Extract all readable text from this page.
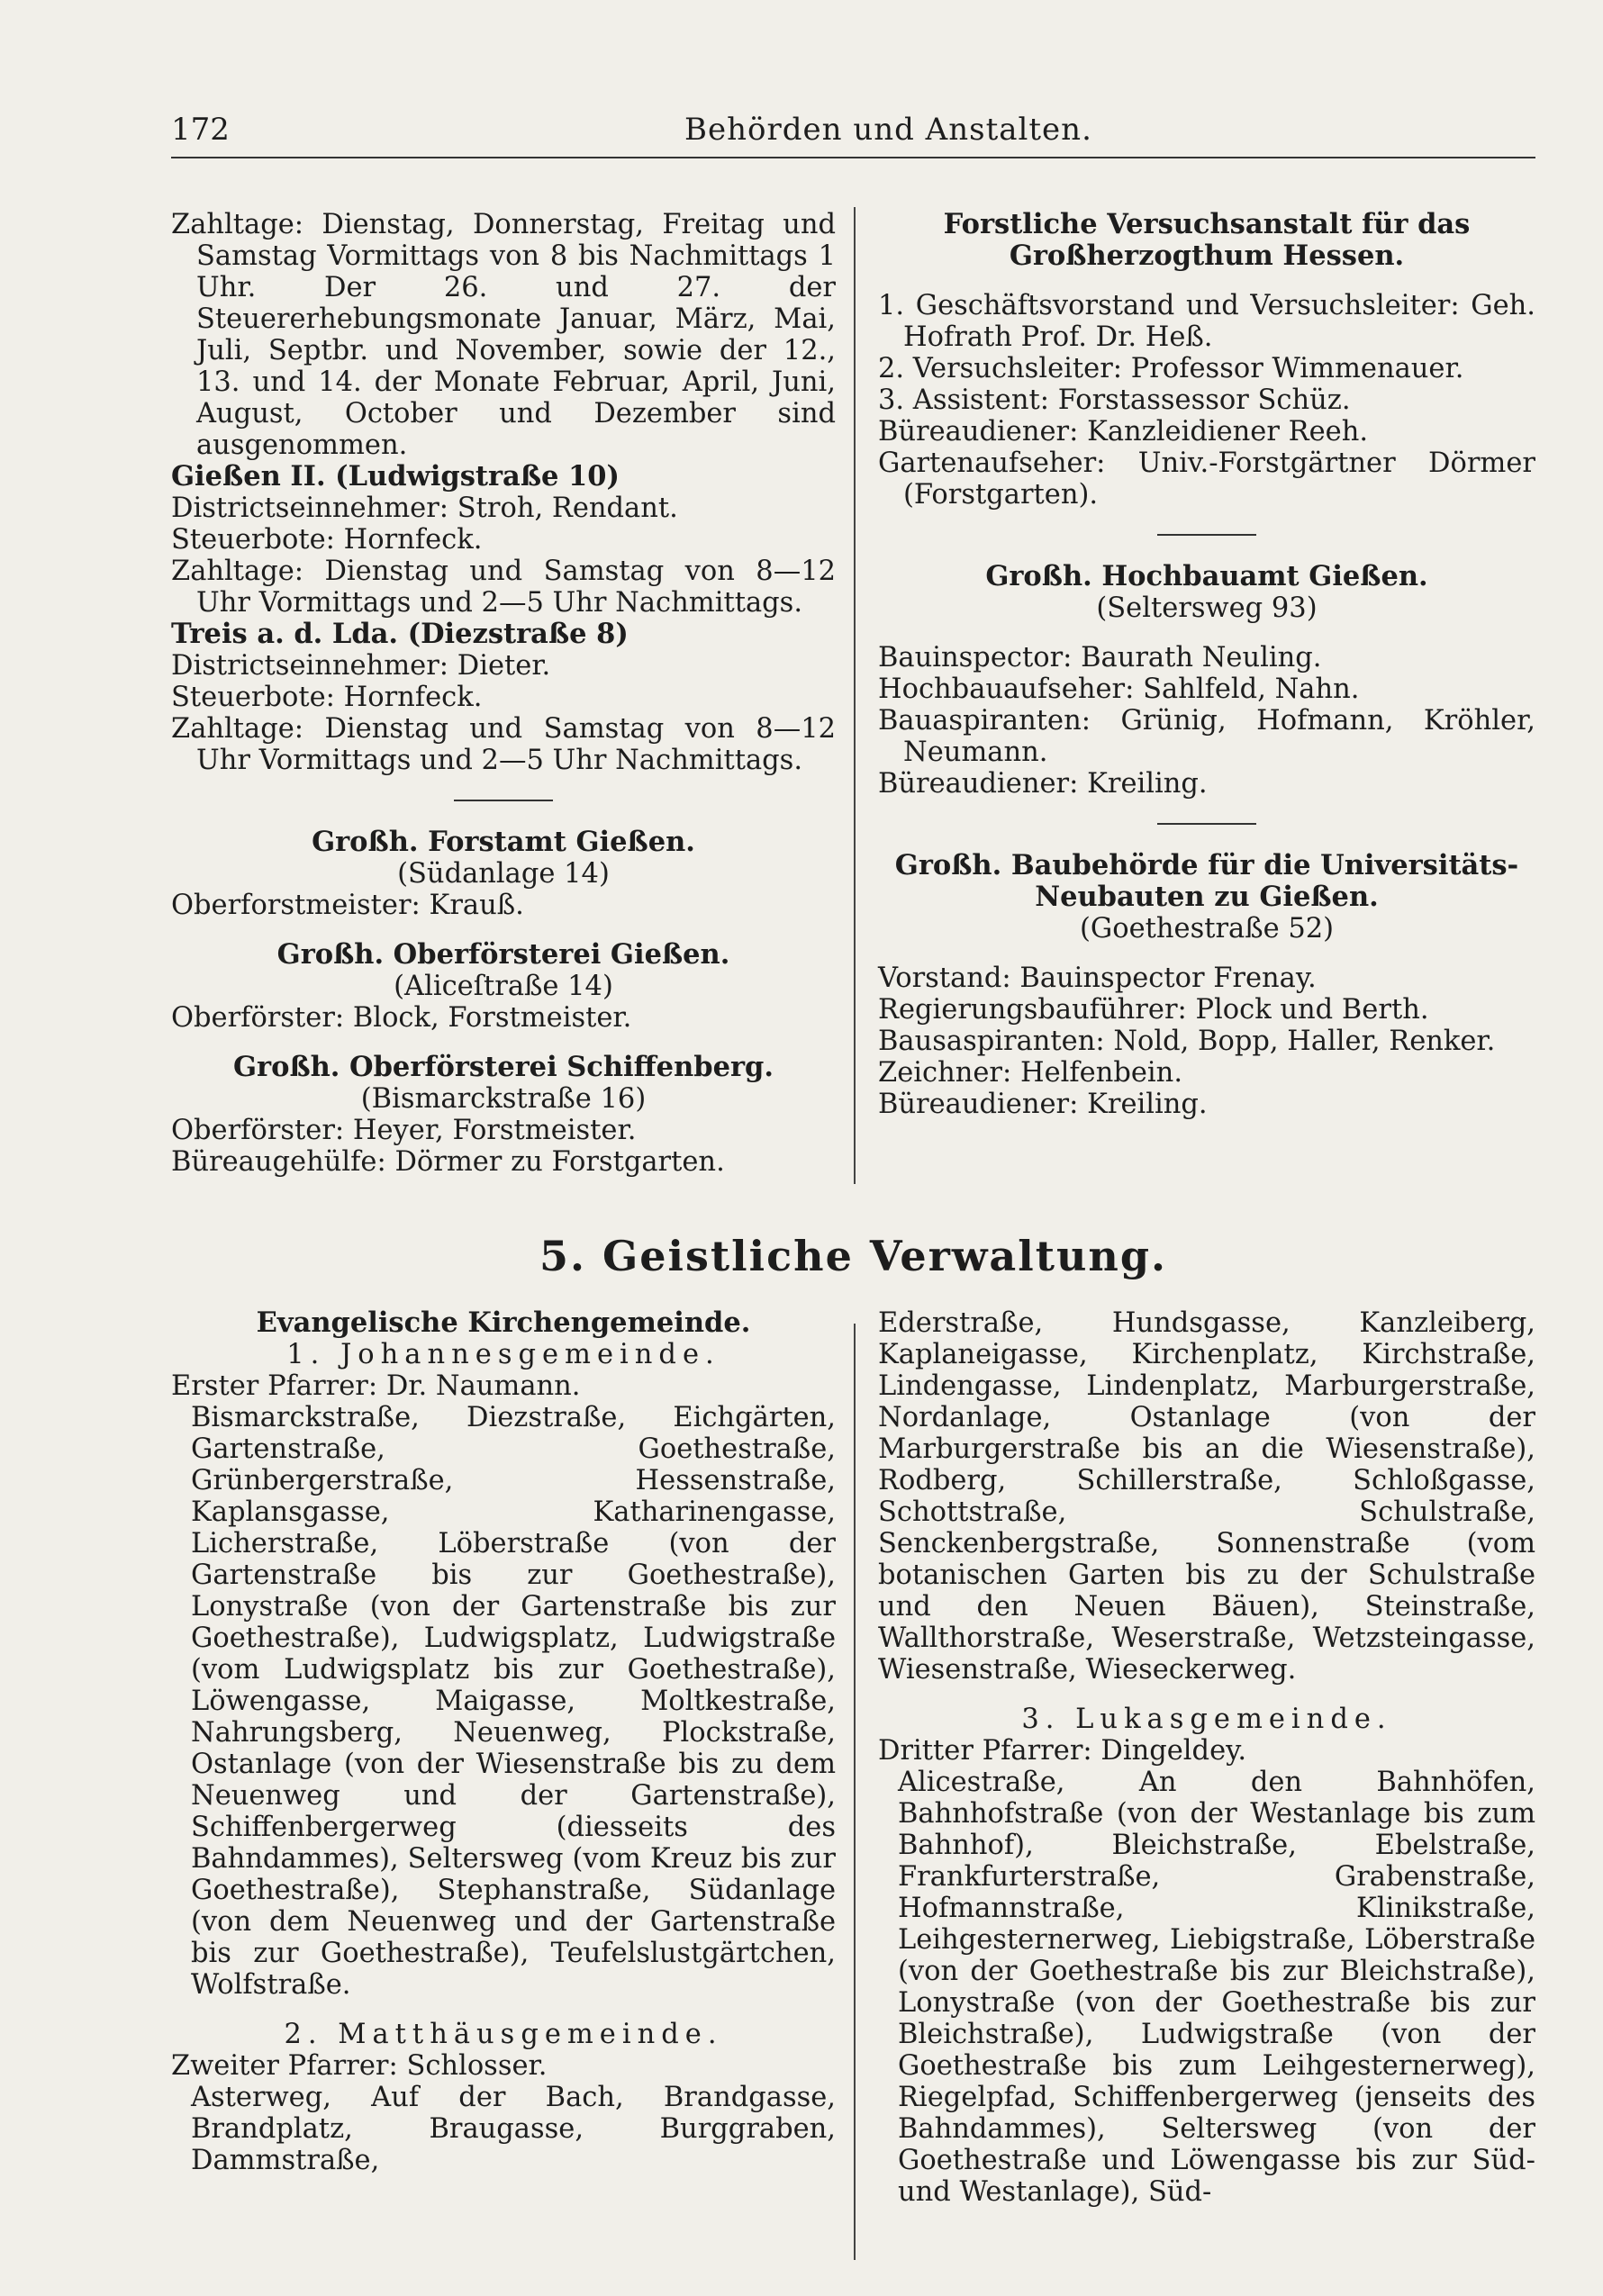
172	Behörden und Anstalten.

Zahltage: Dienstag, Donnerstag, Freitag und Samstag Vormittags von 8 bis Nachmittags 1 Uhr. Der 26. und 27. der Steuererhebungsmonate Januar, März, Mai, Juli, Septbr. und November, sowie der 12., 13. und 14. der Monate Februar, April, Juni, August, October und Dezember sind ausgenommen.

Gießen II. (Ludwigstraße 10)

Districtseinnehmer: Stroh, Rendant.

Steuerbote: Hornfeck.

Zahltage: Dienstag und Samstag von 8—12 Uhr Vormittags und 2—5 Uhr Nachmittags.

Treis a. d. Lda. (Diezstraße 8)

Districtseinnehmer: Dieter.

Steuerbote: Hornfeck.

Zahltage: Dienstag und Samstag von 8—12 Uhr Vormittags und 2—5 Uhr Nachmittags.

Großh. Forstamt Gießen.

(Südanlage 14)

Oberforstmeister: Krauß.

Großh. Oberförsterei Gießen.

(Aliceſtraße 14)

Oberförster: Block, Forstmeister.

Großh. Oberförsterei Schiffenberg.

(Bismarckstraße 16)

Oberförster: Heyer, Forstmeister.

Büreaugehülfe: Dörmer zu Forstgarten.

Forstliche Versuchsanstalt für das Großherzogthum Hessen.

1. Geschäftsvorstand und Versuchsleiter: Geh. Hofrath Prof. Dr. Heß.

2. Versuchsleiter: Professor Wimmenauer.

3. Assistent: Forstassessor Schüz.

Büreaudiener: Kanzleidiener Reeh.

Gartenaufseher: Univ.-Forstgärtner Dörmer (Forstgarten).

Großh. Hochbauamt Gießen.

(Seltersweg 93)

Bauinspector: Baurath Neuling.

Hochbauaufseher: Sahlfeld, Nahn.

Bauaspiranten: Grünig, Hofmann, Kröhler, Neumann.

Büreaudiener: Kreiling.

Großh. Baubehörde für die Universitäts-Neubauten zu Gießen.

(Goethestraße 52)

Vorstand: Bauinspector Frenay.

Regierungsbauführer: Plock und Berth.

Bausaspiranten: Nold, Bopp, Haller, Renker.

Zeichner: Helfenbein.

Büreaudiener: Kreiling.

5. Geistliche Verwaltung.

Evangelische Kirchengemeinde.

1. Johannesgemeinde.

Erster Pfarrer: Dr. Naumann.

Bismarckstraße, Diezstraße, Eichgärten, Gartenstraße, Goethestraße, Grünbergerstraße, Hessenstraße, Kaplansgasse, Katharinengasse, Licherstraße, Löberstraße (von der Gartenstraße bis zur Goethestraße), Lonystraße (von der Gartenstraße bis zur Goethestraße), Ludwigsplatz, Ludwigstraße (vom Ludwigsplatz bis zur Goethestraße), Löwengasse, Maigasse, Moltkestraße, Nahrungsberg, Neuenweg, Plockstraße, Ostanlage (von der Wiesenstraße bis zu dem Neuenweg und der Gartenstraße), Schiffenbergerweg (diesseits des Bahndammes), Seltersweg (vom Kreuz bis zur Goethestraße), Stephanstraße, Südanlage (von dem Neuenweg und der Gartenstraße bis zur Goethestraße), Teufelslustgärtchen, Wolfstraße.

2. Matthäusgemeinde.

Zweiter Pfarrer: Schlosser.

Asterweg, Auf der Bach, Brandgasse, Brandplatz, Braugasse, Burggraben, Dammstraße,

Ederstraße, Hundsgasse, Kanzleiberg, Kaplaneigasse, Kirchenplatz, Kirchstraße, Lindengasse, Lindenplatz, Marburgerstraße, Nordanlage, Ostanlage (von der Marburgerstraße bis an die Wiesenstraße), Rodberg, Schillerstraße, Schloßgasse, Schottstraße, Schulstraße, Senckenbergstraße, Sonnenstraße (vom botanischen Garten bis zu der Schulstraße und den Neuen Bäuen), Steinstraße, Wallthorstraße, Weserstraße, Wetzsteingasse, Wiesenstraße, Wieseckerweg.

3. Lukasgemeinde.

Dritter Pfarrer: Dingeldey.

Alicestraße, An den Bahnhöfen, Bahnhofstraße (von der Westanlage bis zum Bahnhof), Bleichstraße, Ebelstraße, Frankfurterstraße, Grabenstraße, Hofmannstraße, Klinikstraße, Leihgesternerweg, Liebigstraße, Löberstraße (von der Goethestraße bis zur Bleichstraße), Lonystraße (von der Goethestraße bis zur Bleichstraße), Ludwigstraße (von der Goethestraße bis zum Leihgesternerweg), Riegelpfad, Schiffenbergerweg (jenseits des Bahndammes), Seltersweg (von der Goethestraße und Löwengasse bis zur Süd- und Westanlage), Süd-
